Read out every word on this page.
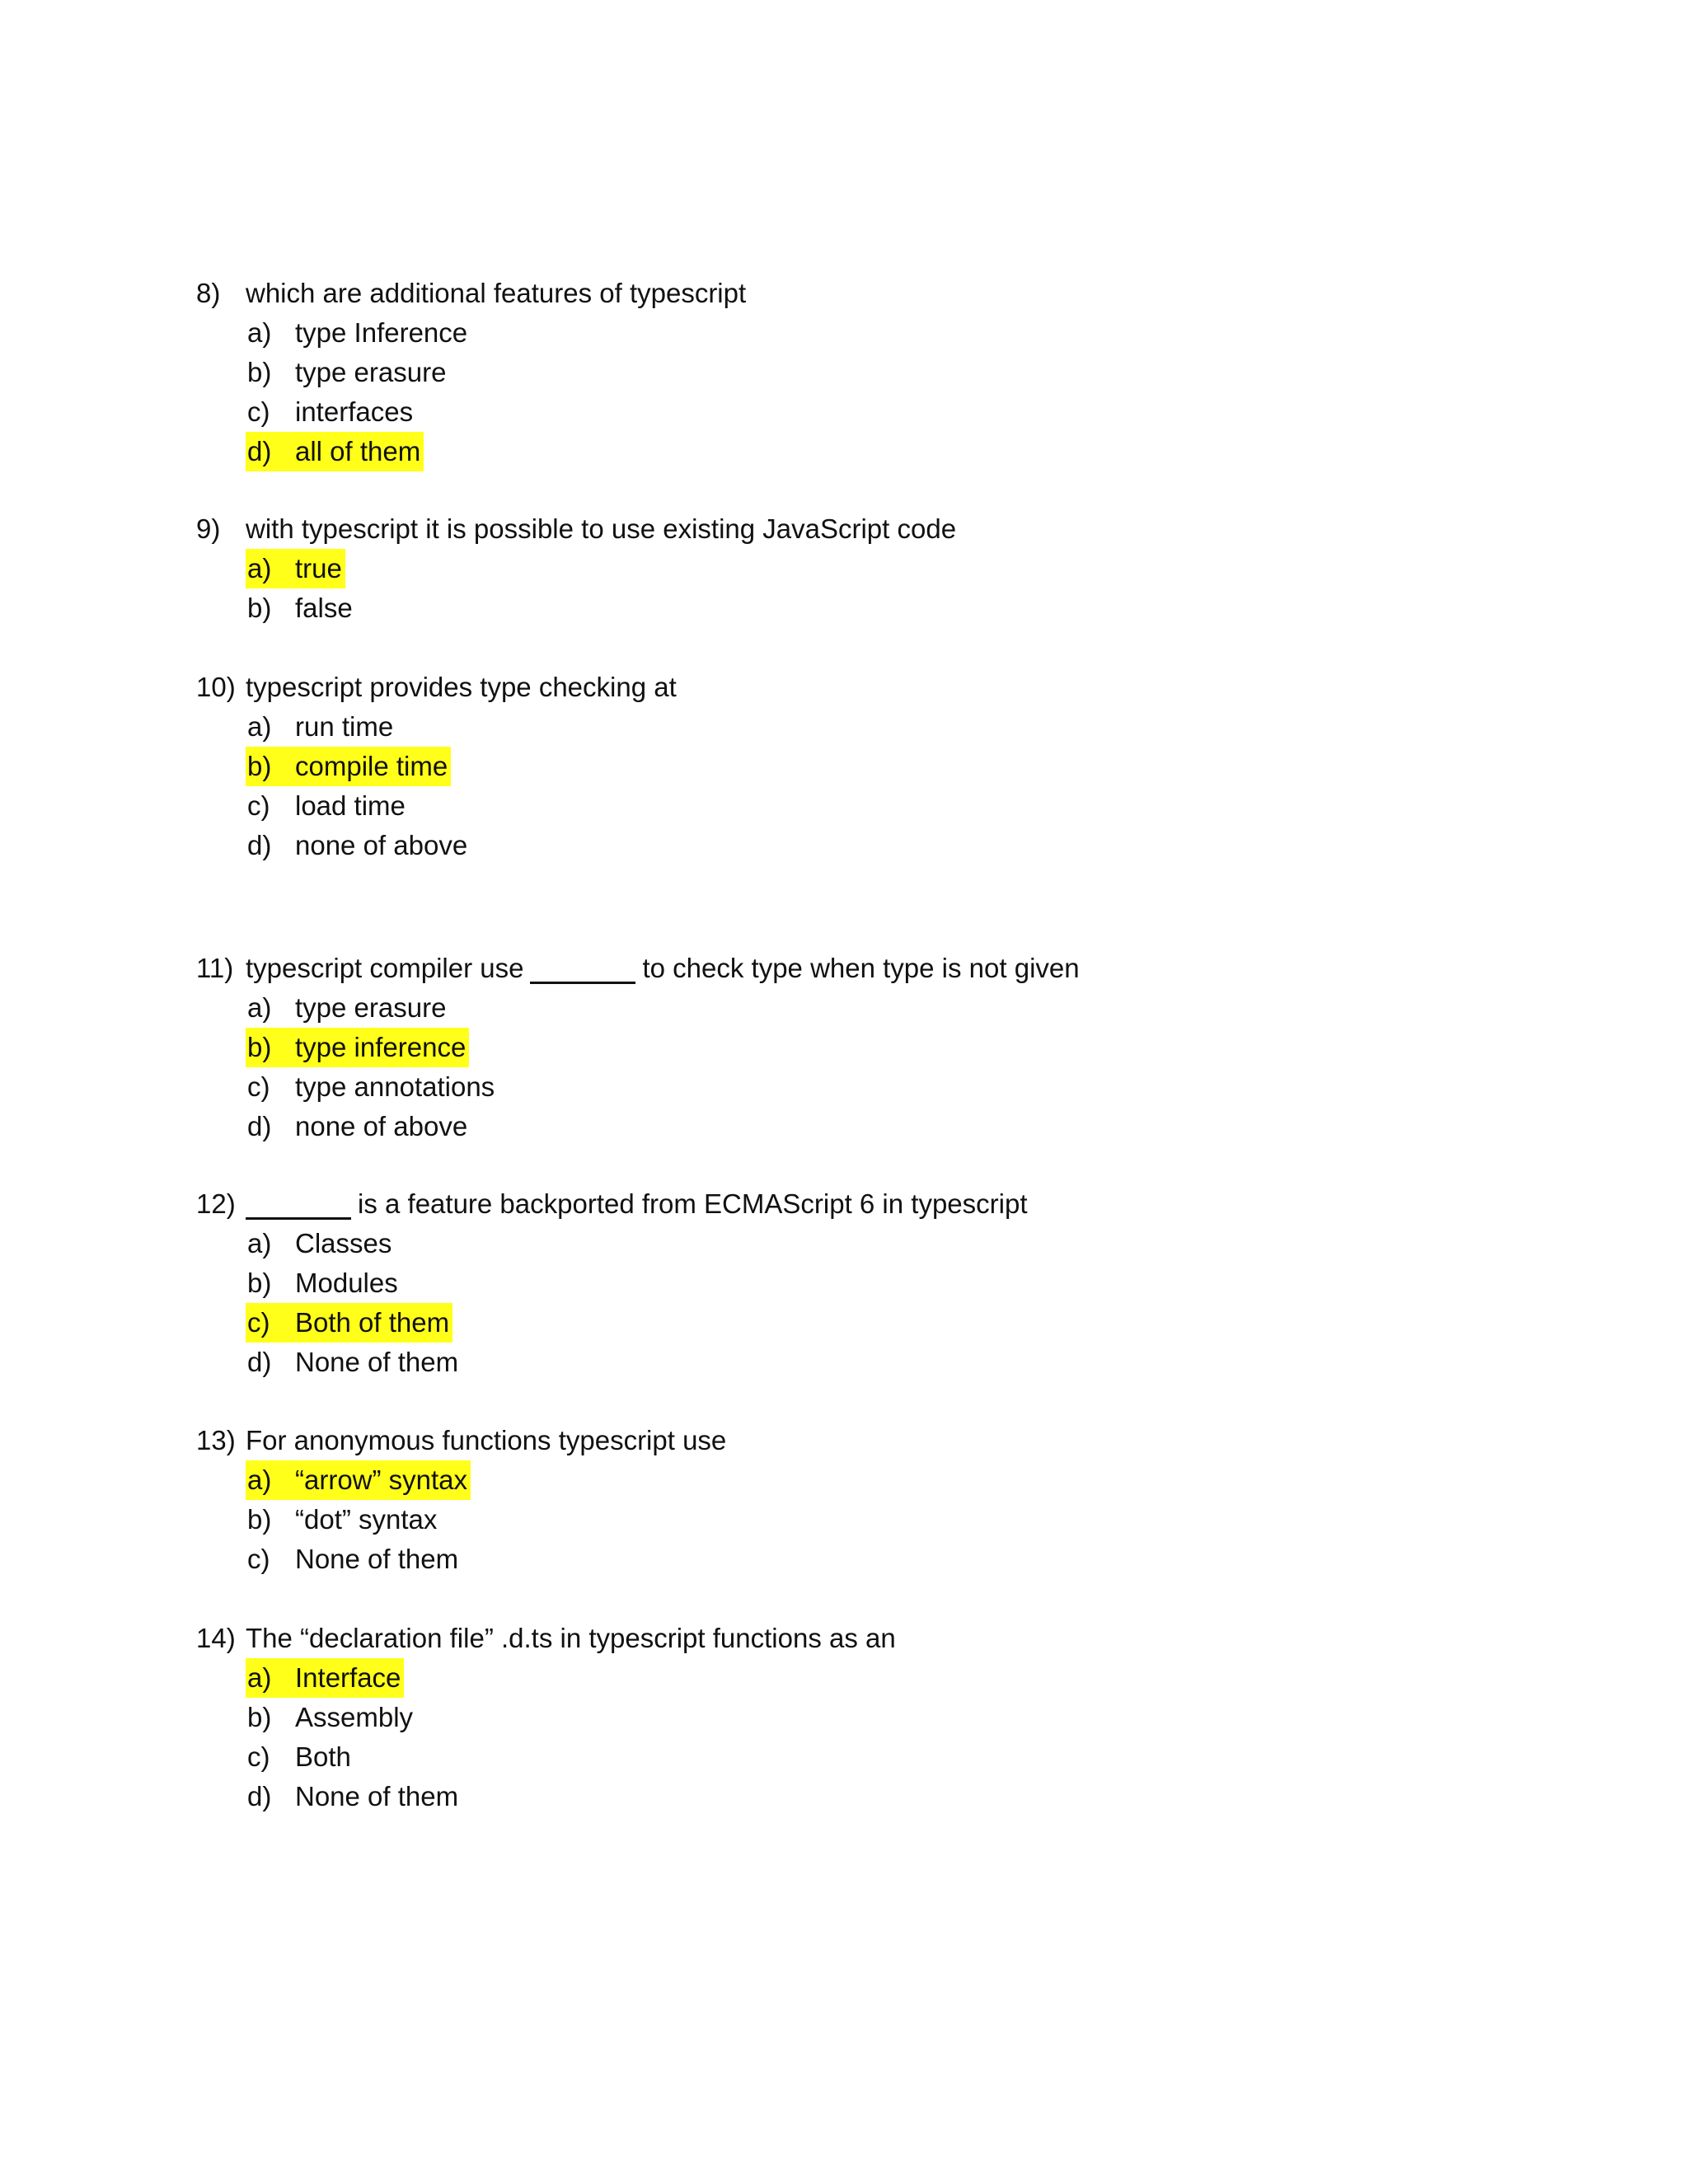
8) which are additional features of typescript
a) type Inference
b) type erasure
c) interfaces
d) all of them
9) with typescript it is possible to use existing JavaScript code
a) true
b) false
10) typescript provides type checking at
a) run time
b) compile time
c) load time
d) none of above
11) typescript compiler use	to check type when type is not given
a) type erasure
b) type inference
c) type annotations
d) none of above
12)	is a feature backported from ECMAScript 6 in typescript
a) Classes
b) Modules
c) Both of them
d) None of them
13) For anonymous functions typescript use
a) “arrow” syntax
b) “dot” syntax
c) None of them
14) The “declaration file” .d.ts in typescript functions as an
a) Interface
b) Assembly
c) Both
d) None of them
